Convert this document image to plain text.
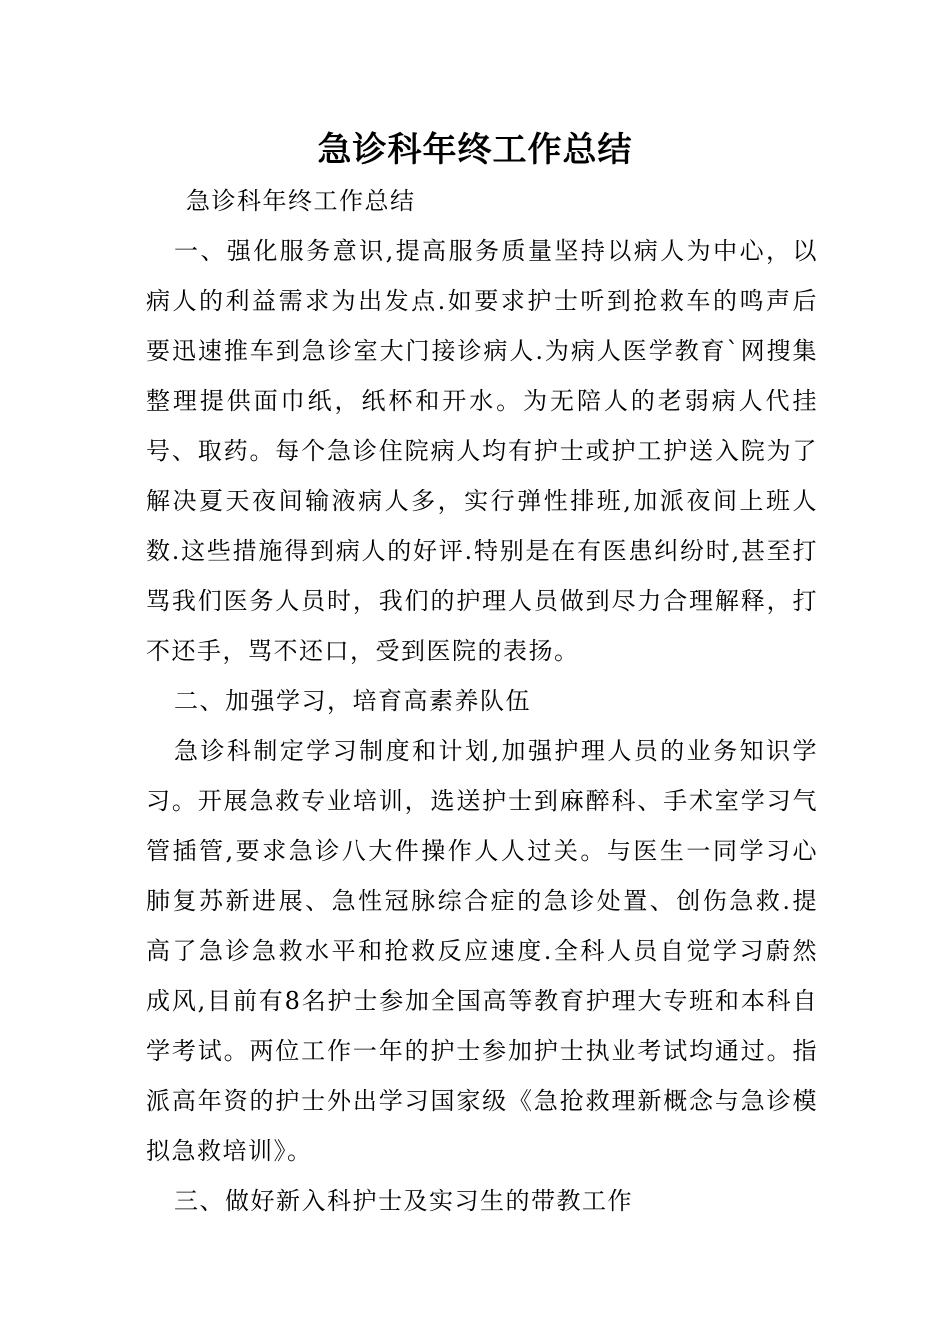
急诊科年终工作总结

急诊科年终工作总结

一、强化服务意识,提高服务质量坚持以病人为中心，以病人的利益需求为出发点.如要求护士听到抢救车的鸣声后要迅速推车到急诊室大门接诊病人.为病人医学教育`网搜集整理提供面巾纸，纸杯和开水。为无陪人的老弱病人代挂号、取药。每个急诊住院病人均有护士或护工护送入院为了解决夏天夜间输液病人多，实行弹性排班,加派夜间上班人数.这些措施得到病人的好评.特别是在有医患纠纷时,甚至打骂我们医务人员时，我们的护理人员做到尽力合理解释，打不还手，骂不还口，受到医院的表扬。

二、加强学习，培育高素养队伍

急诊科制定学习制度和计划,加强护理人员的业务知识学习。开展急救专业培训，选送护士到麻醉科、手术室学习气管插管,要求急诊八大件操作人人过关。与医生一同学习心肺复苏新进展、急性冠脉综合症的急诊处置、创伤急救.提高了急诊急救水平和抢救反应速度.全科人员自觉学习蔚然成风,目前有8名护士参加全国高等教育护理大专班和本科自学考试。两位工作一年的护士参加护士执业考试均通过。指派高年资的护士外出学习国家级《急抢救理新概念与急诊模拟急救培训》。

三、做好新入科护士及实习生的带教工作
